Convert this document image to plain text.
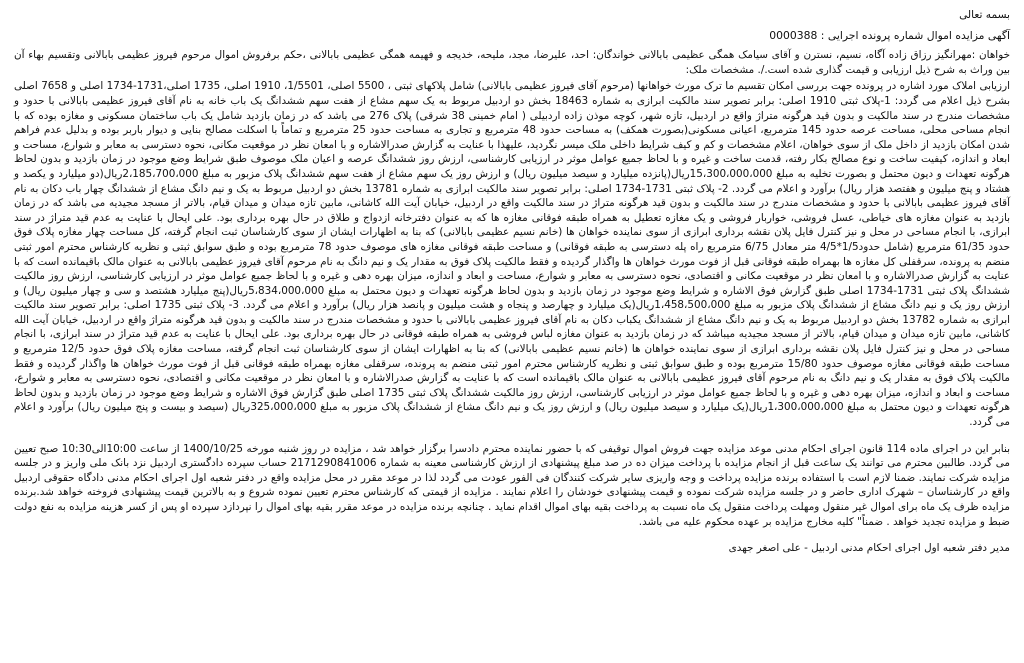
بسمه تعالی
آگهی مزایده اموال شماره پرونده اجرایی : 0000388

خواهان :مهرانگیز رزاق زاده آگاه، نسیم، نسترن و آقای سیامک همگی عظیمی بابالانی خواندگان: احد، علیرضا، مجد، ملیحه، خدیجه و فهیمه همگی عظیمی بابالانی ،حکم برفروش اموال مرحوم فیروز عظیمی بابالانی وتقسیم بهاء آن بین وراث به شرح ذیل ارزیابی و قیمت گذاری شده است./. مشخصات ملک:

ارزیابی املاک مورد اشاره در پرونده جهت بررسی امکان تقسیم ما ترک مورث خواهانها (مرحوم آقای فیروز عظیمی بابالانی) شامل پلاکهای ثبتی ، 5500 اصلی، 1/5501، 1910 اصلی، 1735 اصلی،1731-1734 اصلی و 7658 اصلی بشرح ذیل اعلام می گردد: 1-پلاک ثبتی 1910 اصلی: برابر تصویر سند مالکیت ابرازی به شماره 18463 بخش دو اردبیل مربوط به یک سهم مشاع از هفت سهم ششدانگ یک باب خانه به نام آقای فیروز عظیمی بابالانی با حدود و مشخصات مندرج در سند مالکیت و بدون قید هرگونه متراژ واقع در اردبیل، تازه شهر، کوچه موذن زاده اردبیلی ( امام خمینی 38 شرقی) پلاک 276 می باشد که در زمان بازدید شامل یک باب ساختمان مسکونی و مغازه بوده که با انجام مساحی محلی، مساحت عرصه حدود 145 مترمربع، اعیانی مسکونی(بصورت همکف) به مساحت حدود 48 مترمربع و تجاری به مساحت حدود 25 مترمربع و تماماً با اسکلت مصالح بنایی و دیوار باربر بوده و بدلیل عدم فراهم شدن امکان بازدید از داخل ملک از سوی خواهان، اعلام مشخصات و کم و کیف شرایط داخلی ملک میسر نگردید، علیهذا با عنایت به گزارش صدرالاشاره و با امعان نظر در موقعیت مکانی، نحوه دسترسی به معابر و شوارع، مساحت و ابعاد و اندازه، کیفیت ساخت و نوع مصالح بکار رفته، قدمت ساخت و غیره و با لحاظ جمیع عوامل موثر در ارزیابی کارشناسی، ارزش روز ششدانگ عرصه و اعیان ملک موصوف طبق شرایط وضع موجود در زمان بازدید و بدون لحاظ هرگونه تعهدات و دیون محتمل و بصورت تخلیه به مبلغ 15،300،000،000ریال(پانزده میلیارد و سیصد میلیون ریال) و ارزش روز یک سهم مشاع از هفت سهم ششدانگ پلاک مزبور به مبلغ 2،185،700،000ریال(دو میلیارد و یکصد و هشتاد و پنج میلیون و هفتصد هزار ریال) برآورد و اعلام می گردد. 2- پلاک ثبتی 1731-1734 اصلی: برابر تصویر سند مالکیت ابرازی به شماره 13781 بخش دو اردبیل مربوط به یک و نیم دانگ مشاع از ششدانگ چهار باب دکان به نام آقای فیروز عظیمی بابالانی با حدود و مشخصات مندرج در سند مالکیت و بدون قید هرگونه متراژ در سند مالکیت واقع در اردبیل، خیابان آیت الله کاشانی، مابین تازه میدان و میدان قیام، بالاتر از مسجد مجیدیه می باشد که در زمان بازدید به عنوان مغازه های خیاطی، عسل فروشی، خواربار فروشی و یک مغازه تعطیل به همراه طبقه فوقانی مغازه ها که به عنوان دفترخانه ازدواج و طلاق در حال بهره برداری بود. علی ایحال با عنایت به عدم قید متراژ در سند ابرازی، با انجام مساحی در محل و نیز کنترل فایل پلان نقشه برداری ابرازی از سوی نماینده خواهان ها (خانم نسیم عظیمی بابالانی) که بنا به اظهارات ایشان از سوی کارشناسان ثبت انجام گرفته، کل مساحت چهار مغازه پلاک فوق حدود 61/35 مترمربع (شامل حدود1/5*4/5 متر معادل 6/75 مترمربع راه پله دسترسی به طبقه فوقانی) و مساحت طبقه فوقانی مغازه های موصوف حدود 78 مترمربع بوده و طبق سوابق ثبتی و نظریه کارشناس محترم امور ثبتی منضم به پرونده، سرقفلی کل مغازه ها بهمراه طبقه فوقانی قبل از فوت مورث خواهان ها واگذار گردیده و فقط مالکیت پلاک فوق به مقدار یک و نیم دانگ به نام مرحوم آقای فیروز عظیمی بابالانی به عنوان مالک باقیمانده است که با عنایت به گزارش صدرالاشاره و با امعان نظر در موقعیت مکانی و اقتصادی، نحوه دسترسی به معابر و شوارع، مساحت و ابعاد و اندازه، میزان بهره دهی و غیره و با لحاظ جمیع عوامل موثر در ارزیابی کارشناسی، ارزش روز مالکیت ششدانگ پلاک ثبتی 1731-1734 اصلی طبق گزارش فوق الاشاره و شرایط وضع موجود در زمان بازدید و بدون لحاظ هرگونه تعهدات و دیون محتمل به مبلغ 5،834،000،000ریال(پنج میلیارد هشتصد و سی و چهار میلیون ریال) و ارزش روز یک و نیم دانگ مشاع از ششدانگ پلاک مزبور به مبلغ 1،458،500،000ریال(یک میلیارد و چهارصد و پنجاه و هشت میلیون و پانصد هزار ریال) برآورد و اعلام می گردد. 3- پلاک ثبتی 1735 اصلی: برابر تصویر سند مالکیت ابرازی به شماره 13782 بخش دو اردبیل مربوط به یک و نیم دانگ مشاع از ششدانگ یکباب دکان به نام آقای فیروز عظیمی بابالانی با حدود و مشخصات مندرج در سند مالکیت و بدون قید هرگونه متراژ واقع در اردبیل، خیابان آیت الله کاشانی، مابین تازه میدان و میدان قیام، بالاتر از مسجد مجیدیه میباشد که در زمان بازدید به عنوان مغازه لباس فروشی به همراه طبقه فوقانی در حال بهره برداری بود. علی ایحال با عنایت به عدم قید متراژ در سند ابرازی، با انجام مساحی در محل و نیز کنترل فایل پلان نقشه برداری ابرازی از سوی نماینده خواهان ها (خانم نسیم عظیمی بابالانی) که بنا به اظهارات ایشان از سوی کارشناسان ثبت انجام گرفته، مساحت مغازه پلاک فوق حدود 12/5 مترمربع و مساحت طبقه فوقانی مغازه موصوف حدود 15/80 مترمربع بوده و طبق سوابق ثبتی و نظریه کارشناس محترم امور ثبتی منضم به پرونده، سرقفلی مغازه بهمراه طبقه فوقانی قبل از فوت مورث خواهان ها واگذار گردیده و فقط مالکیت پلاک فوق به مقدار یک و نیم دانگ به نام مرحوم آقای فیروز عظیمی بابالانی به عنوان مالک باقیمانده است که با عنایت به گزارش صدرالاشاره و با امعان نظر در موقعیت مکانی و اقتصادی، نحوه دسترسی به معابر و شوارع، مساحت و ابعاد و اندازه، میزان بهره دهی و غیره و با لحاظ جمیع عوامل موثر در ارزیابی کارشناسی، ارزش روز مالکیت ششدانگ پلاک ثبتی 1735 اصلی طبق گزارش فوق الاشاره و شرایط وضع موجود در زمان بازدید و بدون لحاظ هرگونه تعهدات و دیون محتمل به مبلغ 1،300،000،000ریال(یک میلیارد و سیصد میلیون ریال) و ارزش روز یک و نیم دانگ مشاع از ششدانگ پلاک مزبور به مبلغ 325،000،000ریال (سیصد و بیست و پنج میلیون ریال) برآورد و اعلام می گردد.

بنابر این در اجرای ماده 114 قانون اجرای احکام مدنی موعد مزایده جهت فروش اموال توقیفی که با حضور نماینده محترم دادسرا برگزار خواهد شد ، مزایده در روز شنبه مورخه 1400/10/25 از ساعت 10:00الی10:30 صبح تعیین می گردد. طالبین محترم می توانند یک ساعت قبل از انجام مزایده با پرداخت میزان ده در صد مبلغ پیشنهادی از ارزش کارشناسی معینه به شماره 2171290841006 حساب سپرده دادگستری اردبیل نزد بانک ملی واریز و در جلسه مزایده شرکت نمایند. ضمنا لازم است با استفاده برنده مزایده پرداخت و وجه واریزی سایر شرکت کنندگان فی الفور عودت می گردد لذا در موعد مقرر در محل مزایده واقع در دفتر شعبه اول اجرای احکام مدنی دادگاه حقوقی اردبیل واقع در کارشناسان – شهرک اداری حاضر و در جلسه مزایده شرکت نموده و قیمت پیشنهادی خودشان را اعلام نمایند . مزایده از قیمتی که کارشناس محترم تعیین نموده شروع و به بالاترین قیمت پیشنهادی فروخته خواهد شد.برنده مزایده ظرف یک ماه برای اموال غیر منقول ومهلت پرداخت منقول یک ماه نسبت به پرداخت بقیه بهای اموال اقدام نماید . چنانچه برنده مزایده در موعد مقرر بقیه بهای اموال را نپردازد سپرده او پس از کسر هزینه مزایده به نفع دولت ضبط و مزایده تجدید خواهد . ضمناً" کلیه مخارج مزایده بر عهده محکوم علیه می باشد.

مدیر دفتر شعبه اول اجرای احکام مدنی اردبیل - علی اصغر جهدی
